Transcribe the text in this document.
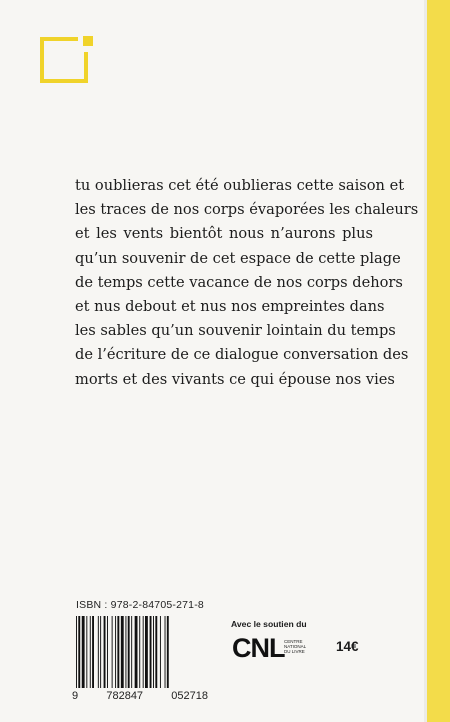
tu oublieras cet été oublieras cette saison et
les traces de nos corps évaporées les chaleurs
et les vents bientôt nous n’aurons plus
qu’un souvenir de cet espace de cette plage
de temps cette vacance de nos corps dehors
et nus debout et nus nos empreintes dans
les sables qu’un souvenir lointain du temps
de l’écriture de ce dialogue conversation des
morts et des vivants ce qui épouse nos vies
ISBN : 978-2-84705-271-8
9	782847	052718
Avec le soutien du
CNL CENTRE
NATIONAL
DU LIVRE	14€
